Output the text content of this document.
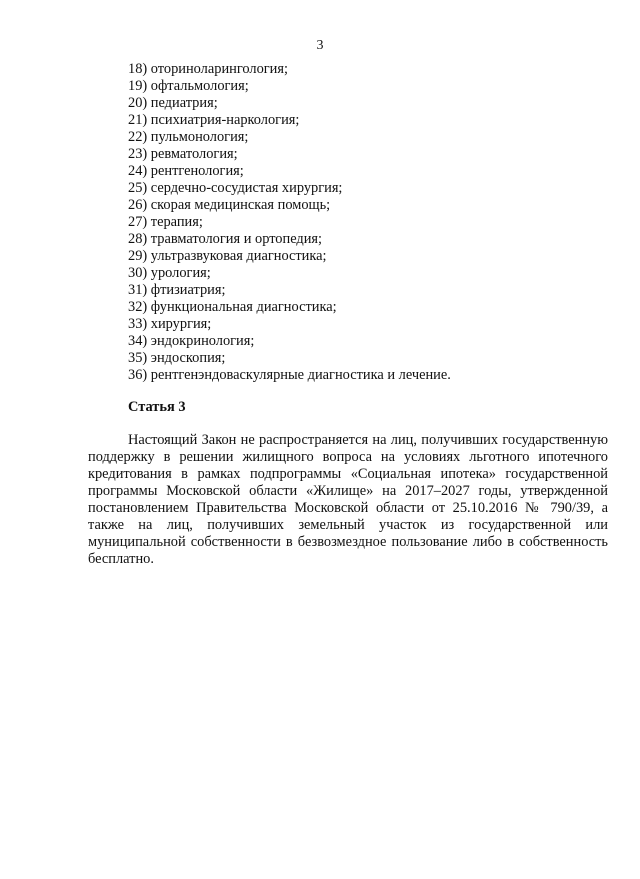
3
18) оториноларингология;
19) офтальмология;
20) педиатрия;
21) психиатрия-наркология;
22) пульмонология;
23) ревматология;
24) рентгенология;
25) сердечно-сосудистая хирургия;
26) скорая медицинская помощь;
27) терапия;
28) травматология и ортопедия;
29) ультразвуковая диагностика;
30) урология;
31) фтизиатрия;
32) функциональная диагностика;
33) хирургия;
34) эндокринология;
35) эндоскопия;
36) рентгенэндоваскулярные диагностика и лечение.
Статья 3

Настоящий Закон не распространяется на лиц, получивших государственную поддержку в решении жилищного вопроса на условиях льготного ипотечного кредитования в рамках подпрограммы «Социальная ипотека» государственной программы Московской области «Жилище» на 2017–2027 годы, утвержденной постановлением Правительства Московской области от 25.10.2016 № 790/39, а также на лиц, получивших земельный участок из государственной или муниципальной собственности в безвозмездное пользование либо в собственность бесплатно.
